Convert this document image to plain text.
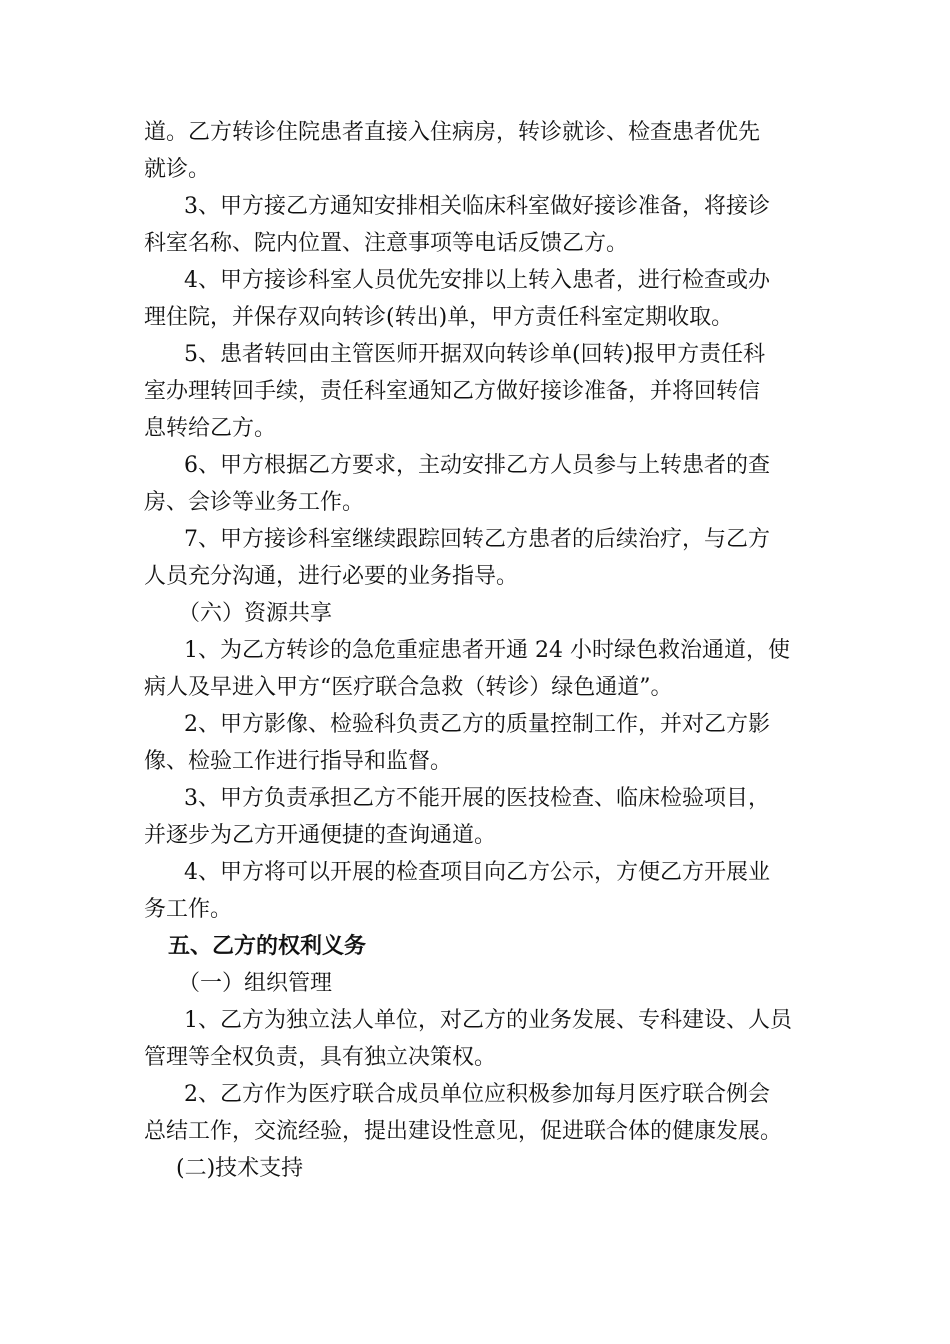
道。乙方转诊住院患者直接入住病房，转诊就诊、检查患者优先
就诊。
3、甲方接乙方通知安排相关临床科室做好接诊准备，将接诊
科室名称、院内位置、注意事项等电话反馈乙方。
4、甲方接诊科室人员优先安排以上转入患者，进行检查或办
理住院，并保存双向转诊(转出)单，甲方责任科室定期收取。
5、患者转回由主管医师开据双向转诊单(回转)报甲方责任科
室办理转回手续，责任科室通知乙方做好接诊准备，并将回转信
息转给乙方。
6、甲方根据乙方要求，主动安排乙方人员参与上转患者的查
房、会诊等业务工作。
7、甲方接诊科室继续跟踪回转乙方患者的后续治疗，与乙方
人员充分沟通，进行必要的业务指导。
（六）资源共享
1、为乙方转诊的急危重症患者开通 24 小时绿色救治通道，使
病人及早进入甲方“医疗联合急救（转诊）绿色通道”。
2、甲方影像、检验科负责乙方的质量控制工作，并对乙方影
像、检验工作进行指导和监督。
3、甲方负责承担乙方不能开展的医技检查、临床检验项目，
并逐步为乙方开通便捷的查询通道。
4、甲方将可以开展的检查项目向乙方公示，方便乙方开展业
务工作。
五、乙方的权利义务
（一）组织管理
1、乙方为独立法人单位，对乙方的业务发展、专科建设、人员
管理等全权负责，具有独立决策权。
2、乙方作为医疗联合成员单位应积极参加每月医疗联合例会
总结工作，交流经验，提出建设性意见，促进联合体的健康发展。
(二)技术支持
